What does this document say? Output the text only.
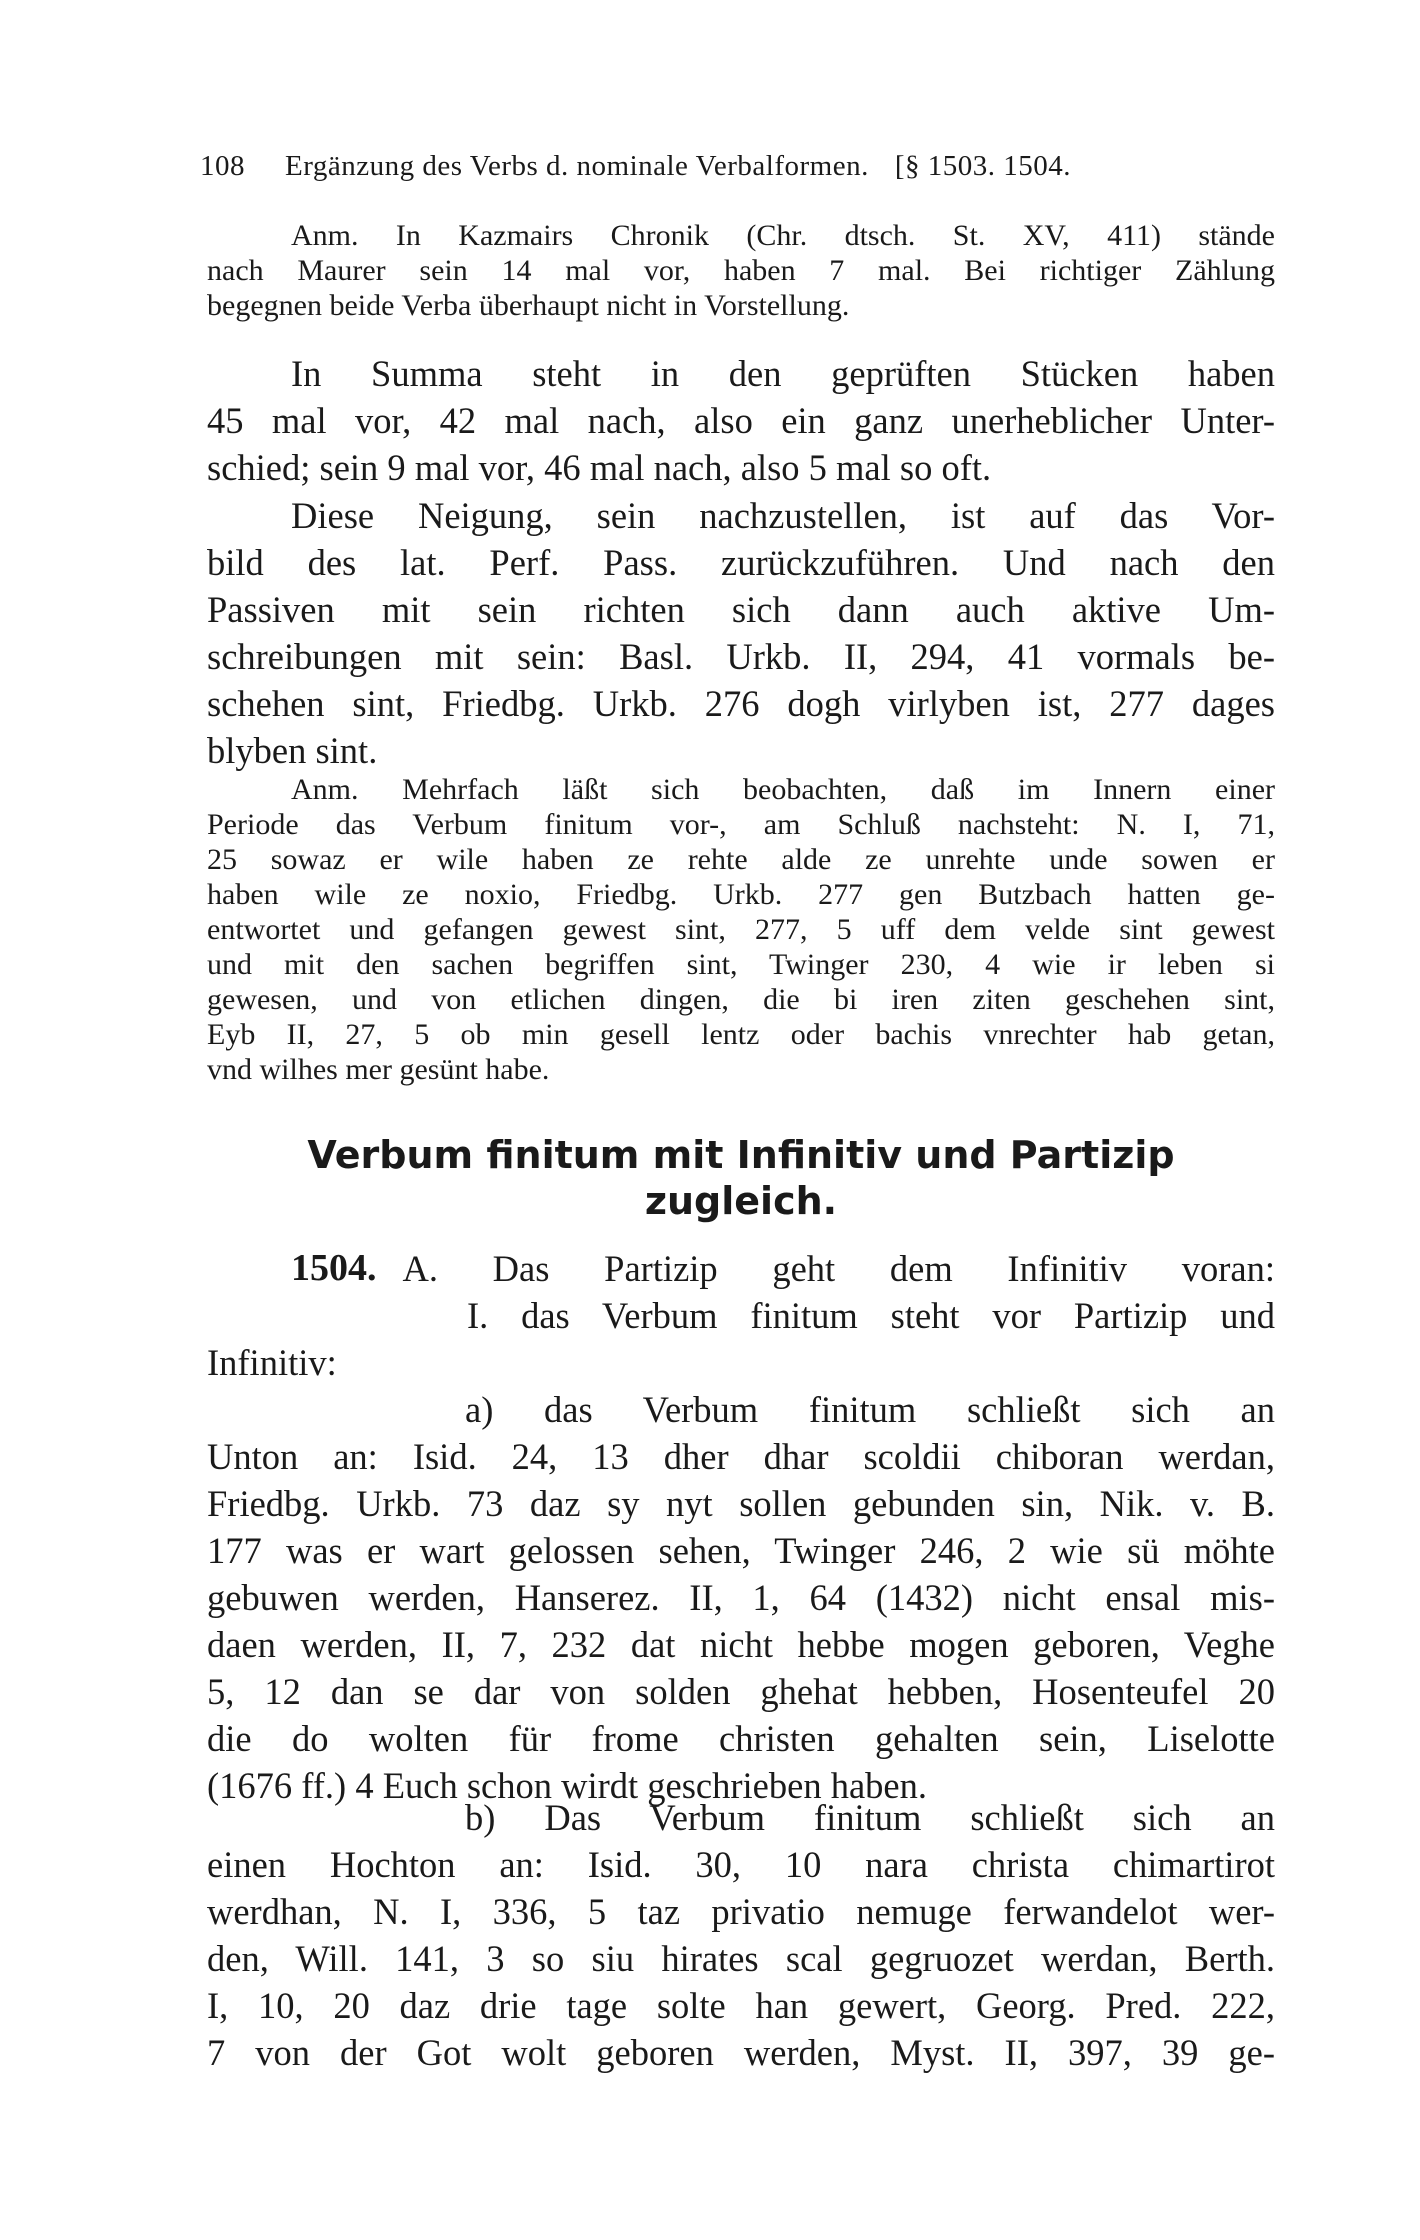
108 Ergänzung des Verbs d. nominale Verbalformen. [§ 1503. 1504.
Anm. In Kazmairs Chronik (Chr. dtsch. St. XV, 411) stände
nach Maurer sein 14 mal vor, haben 7 mal. Bei richtiger Zählung
begegnen beide Verba überhaupt nicht in Vorstellung.
In Summa steht in den geprüften Stücken haben
45 mal vor, 42 mal nach, also ein ganz unerheblicher Unter-
schied; sein 9 mal vor, 46 mal nach, also 5 mal so oft.
Diese Neigung, sein nachzustellen, ist auf das Vor-
bild des lat. Perf. Pass. zurückzuführen. Und nach den
Passiven mit sein richten sich dann auch aktive Um-
schreibungen mit sein: Basl. Urkb. II, 294, 41 vormals be-
schehen sint, Friedbg. Urkb. 276 dogh virlyben ist, 277 dages
blyben sint.
Anm. Mehrfach läßt sich beobachten, daß im Innern einer
Periode das Verbum finitum vor-, am Schluß nachsteht: N. I, 71,
25 sowaz er wile haben ze rehte alde ze unrehte unde sowen er
haben wile ze noxio, Friedbg. Urkb. 277 gen Butzbach hatten ge-
entwortet und gefangen gewest sint, 277, 5 uff dem velde sint gewest
und mit den sachen begriffen sint, Twinger 230, 4 wie ir leben si
gewesen, und von etlichen dingen, die bi iren ziten geschehen sint,
Eyb II, 27, 5 ob min gesell lentz oder bachis vnrechter hab getan,
vnd wilhes mer gesünt habe.
Verbum finitum mit Infinitiv und Partizip
zugleich.
1504. A. Das Partizip geht dem Infinitiv voran:
I. das Verbum finitum steht vor Partizip und
Infinitiv:
a) das Verbum finitum schließt sich an
Unton an: Isid. 24, 13 dher dhar scoldii chiboran werdan,
Friedbg. Urkb. 73 daz sy nyt sollen gebunden sin, Nik. v. B.
177 was er wart gelossen sehen, Twinger 246, 2 wie sü möhte
gebuwen werden, Hanserez. II, 1, 64 (1432) nicht ensal mis-
daen werden, II, 7, 232 dat nicht hebbe mogen geboren, Veghe
5, 12 dan se dar von solden ghehat hebben, Hosenteufel 20
die do wolten für frome christen gehalten sein, Liselotte
(1676 ff.) 4 Euch schon wirdt geschrieben haben.
b) Das Verbum finitum schließt sich an
einen Hochton an: Isid. 30, 10 nara christa chimartirot
werdhan, N. I, 336, 5 taz privatio nemuge ferwandelot wer-
den, Will. 141, 3 so siu hirates scal gegruozet werdan, Berth.
I, 10, 20 daz drie tage solte han gewert, Georg. Pred. 222,
7 von der Got wolt geboren werden, Myst. II, 397, 39 ge-
